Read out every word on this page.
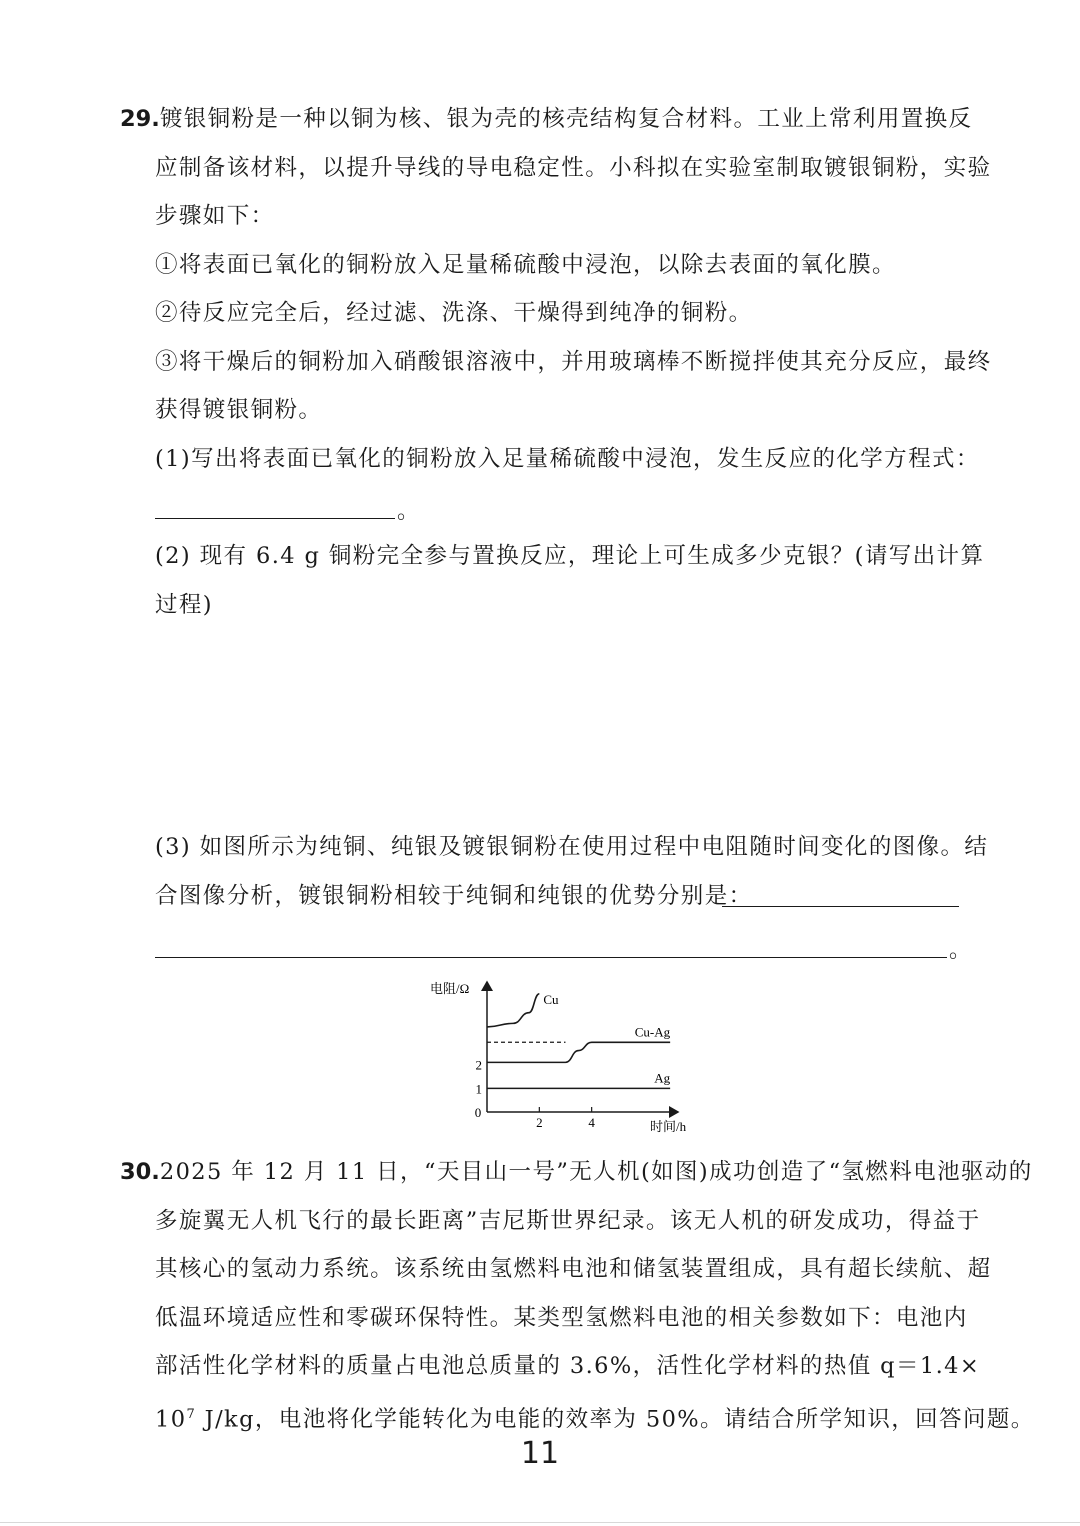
29.镀银铜粉是一种以铜为核、银为壳的核壳结构复合材料。工业上常利用置换反
应制备该材料，以提升导线的导电稳定性。小科拟在实验室制取镀银铜粉，实验
步骤如下：
①将表面已氧化的铜粉放入足量稀硫酸中浸泡，以除去表面的氧化膜。
②待反应完全后，经过滤、洗涤、干燥得到纯净的铜粉。
③将干燥后的铜粉加入硝酸银溶液中，并用玻璃棒不断搅拌使其充分反应，最终
获得镀银铜粉。
(1)写出将表面已氧化的铜粉放入足量稀硫酸中浸泡，发生反应的化学方程式：
。
(2) 现有 6.4 g 铜粉完全参与置换反应，理论上可生成多少克银？(请写出计算
过程)
(3) 如图所示为纯铜、纯银及镀银铜粉在使用过程中电阻随时间变化的图像。结
合图像分析，镀银铜粉相较于纯铜和纯银的优势分别是：
。
电阻/Ω
时间/h
0
2	4
1
2
Cu
Cu-Ag
Ag
30.2025 年 12 月 11 日，“天目山一号”无人机(如图)成功创造了“氢燃料电池驱动的
多旋翼无人机飞行的最长距离”吉尼斯世界纪录。该无人机的研发成功，得益于
其核心的氢动力系统。该系统由氢燃料电池和储氢装置组成，具有超长续航、超
低温环境适应性和零碳环保特性。某类型氢燃料电池的相关参数如下：电池内
部活性化学材料的质量占电池总质量的 3.6%，活性化学材料的热值 q＝1.4×
$10^7$ J/kg，电池将化学能转化为电能的效率为 50%。请结合所学知识，回答问题。
11
